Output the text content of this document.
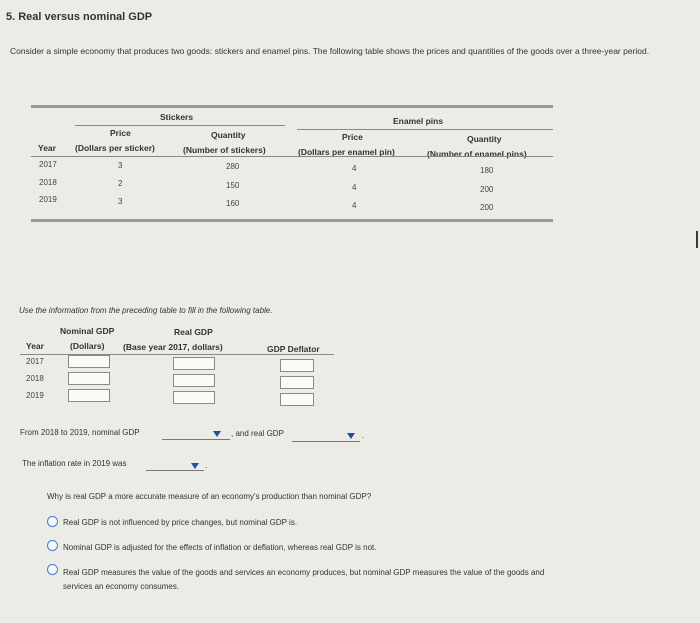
5. Real versus nominal GDP
Consider a simple economy that produces two goods: stickers and enamel pins. The following table shows the prices and quantities of the goods over a three-year period.
Stickers	Enamel pins
Price
(Dollars per sticker)
Quantity
(Number of stickers)
Price
(Dollars per enamel pin)
Quantity
(Number of enamel pins)
Year
2017	3	280	4	180
2018	2	150	4	200
2019	3	160	4	200
Use the information from the preceding table to fill in the following table.
Nominal GDP
(Dollars)
Real GDP
(Base year 2017, dollars)	GDP Deflator
Year
2017
2018
2019
From 2018 to 2019, nominal GDP	, and real GDP	.
The inflation rate in 2019 was	.
Why is real GDP a more accurate measure of an economy's production than nominal GDP?
Real GDP is not influenced by price changes, but nominal GDP is.
Nominal GDP is adjusted for the effects of inflation or deflation, whereas real GDP is not.
Real GDP measures the value of the goods and services an economy produces, but nominal GDP measures the value of the goods and
services an economy consumes.
